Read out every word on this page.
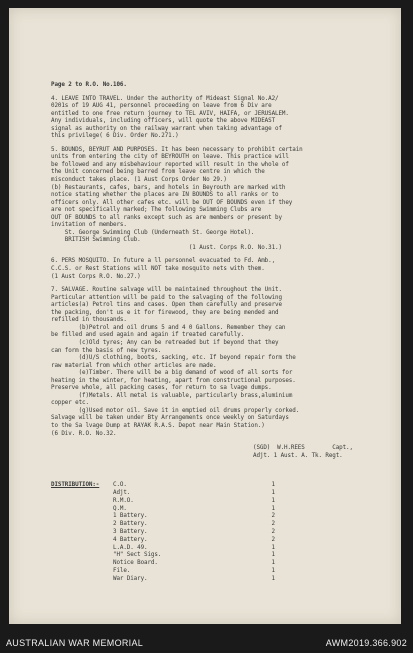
Page 2 to R.O. No.106.

4. LEAVE INTO TRAVEL. Under the authority of Mideast Signal No.A2/

0201s of 19 AUG 41, personnel proceeding on leave from 6 Div are

entitled to one free return journey to TEL AVIV, HAIFA, or JERUSALEM.

Any individuals, including officers, will quote the above MIDEAST

signal as authority on the railway warrant when taking advantage of

this privilege( 6 Div. Order No.271.)

5. BOUNDS, BEYRUT AND PURPOSES. It has been necessary to prohibit certain

units from entering the city of BEYROUTH on leave. This practice will

be followed and any misbehaviour reported will result in the whole of

the Unit concerned being barred from leave centre in which the

misconduct takes place. (1 Aust Corps Order No 29.)

(b) Restaurants, cafes, bars, and hotels in Beyrouth are marked with

notice stating whether the places are IN BOUNDS to all ranks or to

officers only. All other cafes etc. will be OUT OF BOUNDS even if they

are not specifically marked; The following Swimming Clubs are

OUT OF BOUNDS to all ranks except such as are members or present by

invitation of members.

St. George Swimming Club (Underneath St. George Hotel).

BRITISH Swimming Club.

(1 Aust. Corps R.O. No.31.)

6. PERS MOSQUITO. In future a ll personnel evacuated to Fd. Amb.,

C.C.S. or Rest Stations will NOT take mosquito nets with them.

(1 Aust Corps R.O. No.27.)

7. SALVAGE. Routine salvage will be maintained throughout the Unit.

Particular attention will be paid to the salvaging of the following

articles(a) Petrol tins and cases. Open them carefully and preserve

the packing, don't us e it for firewood, they are being mended and

refilled in thousands.

(b)Petrol and oil drums 5 and 4 0 Gallons. Remember they can

be filled and used again and again if treated carefully.

(c)Old tyres; Any can be retreaded but if beyond that they

can form the basis of new tyres.

(d)U/S clothing, boots, sacking, etc. If beyond repair form the

raw material from which other articles are made.

(e)Timber. There will be a big demand of wood of all sorts for

heating in the winter, for heating, apart from constructional purposes.

Preserve whole, all packing cases, for return to sa lvage dumps.

(f)Metals. All metal is valuable, particularly brass,aluminium

copper etc.

(g)Used motor oil. Save it in emptied oil drums properly corked.

Salvage will be taken under Bty Arrangements once weekly on Saturdays

to the Sa lvage Dump at RAYAK R.A.S. Depot near Main Station.)

(6 Div. R.O. No.32.

(SGD)  W.H.REES        Capt.,

Adjt. 1 Aust. A. Tk. Regt.

DISTRIBUTION:-	C.O.	1
Adjt.	1
R.M.O.	1
Q.M.	1
1 Battery.	2
2 Battery.	2
3 Battery.	2
4 Battery.	2
L.A.D. 49.	1
"H" Sect Sigs.	1
Notice Board.	1
File.	1
War Diary.	1
AUSTRALIAN WAR MEMORIAL	AWM2019.366.902
